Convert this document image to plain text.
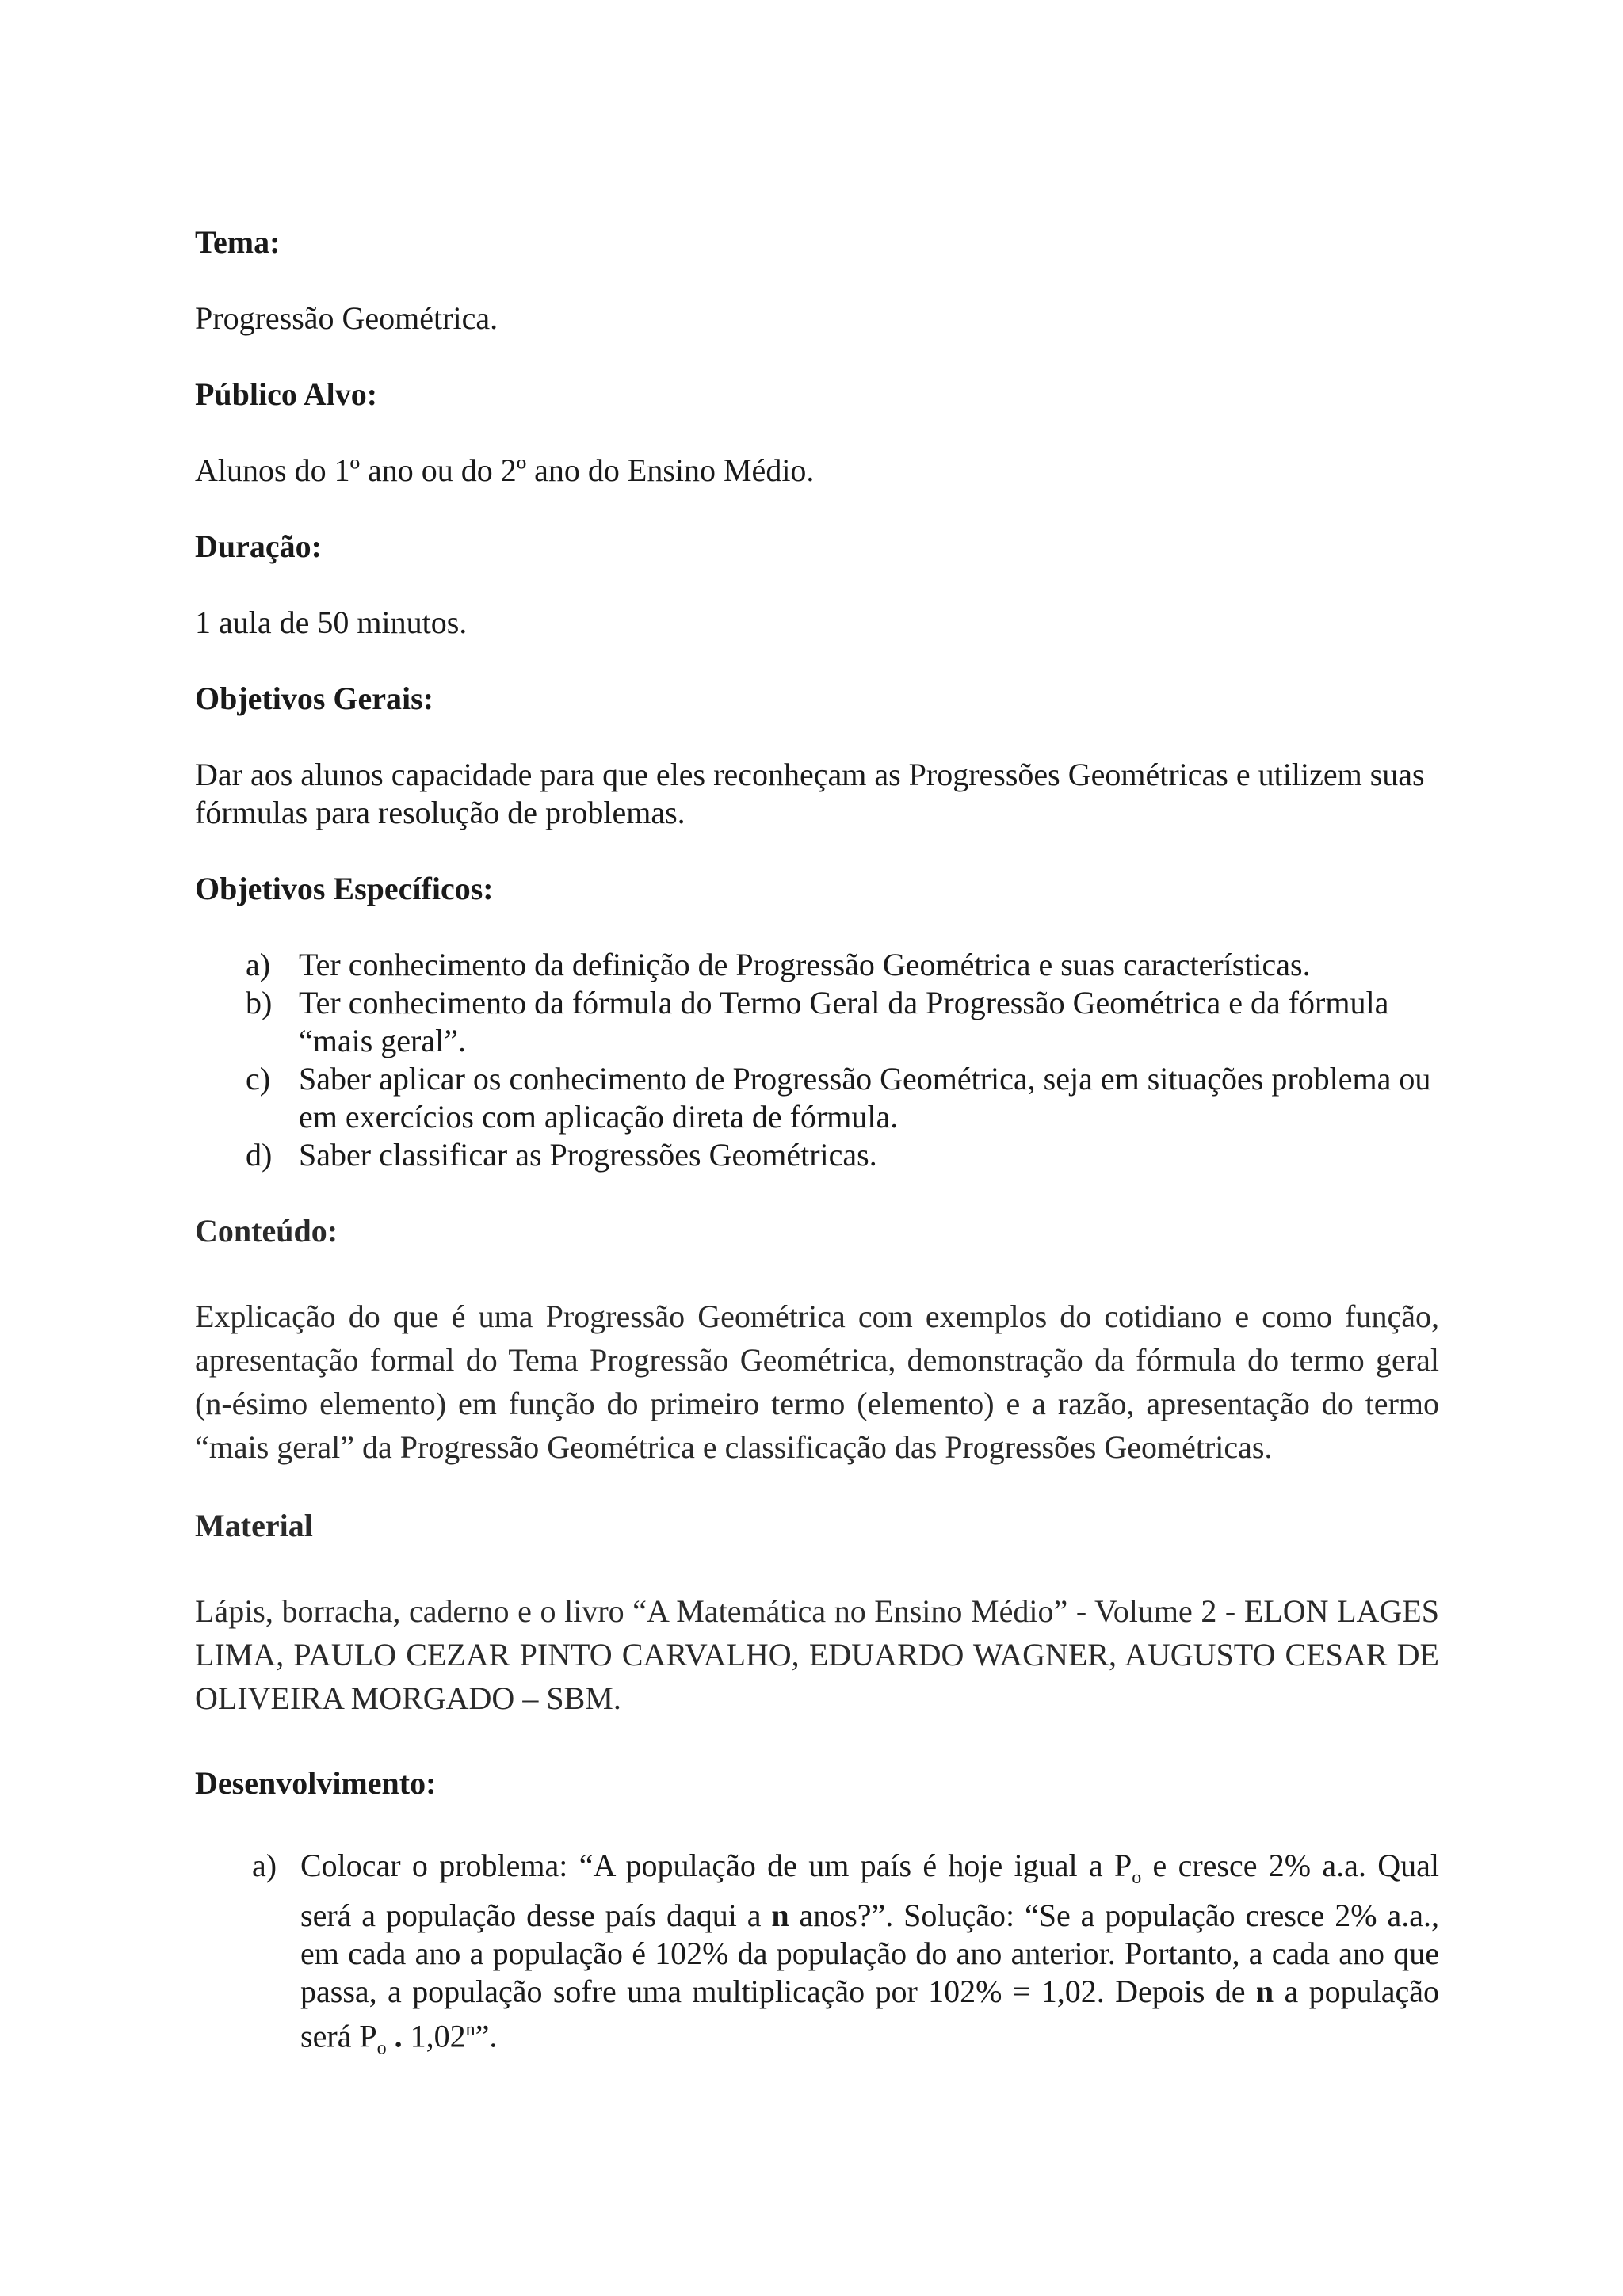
Tema:

Progressão Geométrica.

Público Alvo:

Alunos do 1º ano ou do 2º ano do Ensino Médio.

Duração:

1 aula de 50 minutos.

Objetivos Gerais:

Dar aos alunos capacidade para que eles reconheçam as Progressões Geométricas e utilizem suas fórmulas para resolução de problemas.

Objetivos Específicos:

a) Ter conhecimento da definição de Progressão Geométrica e suas características.
b) Ter conhecimento da fórmula do Termo Geral da Progressão Geométrica e da fórmula “mais geral”.
c) Saber aplicar os conhecimento de Progressão Geométrica, seja em situações problema ou em exercícios com aplicação direta de fórmula.
d) Saber classificar as Progressões Geométricas.

Conteúdo:

Explicação do que é uma Progressão Geométrica com exemplos do cotidiano e como função, apresentação formal do Tema Progressão Geométrica, demonstração da fórmula do termo geral (n-ésimo elemento) em função do primeiro termo (elemento) e a razão, apresentação do termo “mais geral” da Progressão Geométrica e classificação das Progressões Geométricas.

Material

Lápis, borracha, caderno e o livro “A Matemática no Ensino Médio” - Volume 2 - ELON LAGES LIMA, PAULO CEZAR PINTO CARVALHO, EDUARDO WAGNER, AUGUSTO CESAR DE OLIVEIRA MORGADO – SBM.

Desenvolvimento:

a) Colocar o problema: “A população de um país é hoje igual a $P_o$ e cresce 2% a.a. Qual será a população desse país daqui a n anos?”. Solução: “Se a população cresce 2% a.a., em cada ano a população é 102% da população do ano anterior. Portanto, a cada ano que passa, a população sofre uma multiplicação por 102% = 1,02. Depois de n a população será $P_o$ . 1,02$^n$”.
